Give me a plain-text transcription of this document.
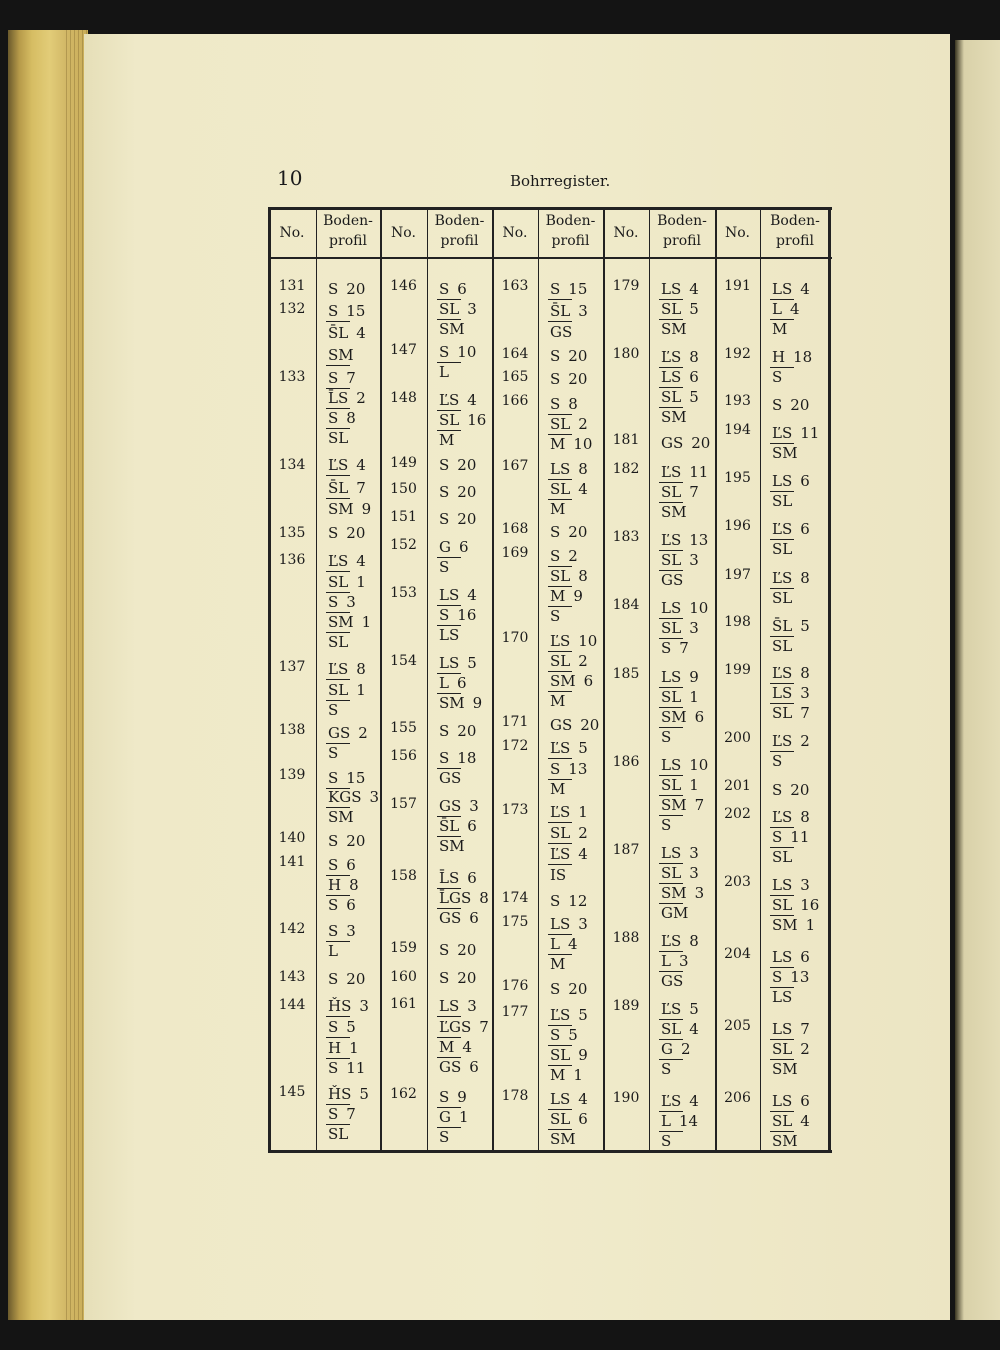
10	Bohrregister.
No.
Boden-
profil
131
132
133
134
135
136
137
138
139
140
141
142
143
144
145
S 20
S 15
S̄L 4
SM
S 7
L̄S 2
S 8
SL
ĽS 4
S̄L 7
SM 9
S 20
ĽS 4
SL 1
S 3
SM 1
SL
ĽS 8
SL 1
S
GS 2
S
S 15
KGS 3
SM
S 20
S 6
H 8
S 6
S 3
L
S 20
ȞS 3
S 5
H 1
S 11
ȞS 5
S 7
SL
No.
Boden-
profil
146
147
148
149
150
151
152
153
154
155
156
157
158
159
160
161
162
S 6
SL 3
SM
S 10
L
ĽS 4
SL 16
M
S 20
S 20
S 20
G 6
S
LS 4
S 16
LS
LS 5
L 6
SM 9
S 20
S 18
GS
GS 3
S̄L 6
SM
L̄S 6
L̄GS 8
GS 6
S 20
S 20
LS 3
ĽGS 7
M 4
GS 6
S 9
G 1
S
No.
Boden-
profil
163
164
165
166
167
168
169
170
171
172
173
174
175
176
177
178
S 15
S̄L 3
GS
S 20
S 20
S 8
SL 2
M 10
LS 8
SL 4
M
S 20
S 2
SL 8
M 9
S
ĽS 10
SL 2
SM 6
M
GS 20
ĽS 5
S 13
M
ĽS 1
SL 2
ĽS 4
IS
S 12
LS 3
L 4
M
S 20
ĽS 5
S 5
SL 9
M 1
LS 4
SL 6
SM
No.
Boden-
profil
179
180
181
182
183
184
185
186
187
188
189
190
LS 4
SL 5
SM
ĽS 8
LS 6
SL 5
SM
GS 20
ĽS 11
SL 7
SM
ĽS 13
SL 3
GS
LS 10
SL 3
S 7
LS 9
SL 1
SM 6
S
LS 10
SL 1
SM 7
S
LS 3
SL 3
SM 3
GM
ĽS 8
L 3
GS
ĽS 5
SL 4
G 2
S
ĽS 4
L 14
S
No.
Boden-
profil
191
192
193
194
195
196
197
198
199
200
201
202
203
204
205
206
LS 4
L 4
M
H 18
S
S 20
ĽS 11
SM
LS 6
SL
ĽS 6
SL
ĽS 8
SL
S̄L 5
SL
ĽS 8
LS 3
SL 7
ĽS 2
S
S 20
ĽS 8
S 11
SL
LS 3
SL 16
SM 1
LS 6
S 13
LS
LS 7
SL 2
SM
LS 6
SL 4
SM
